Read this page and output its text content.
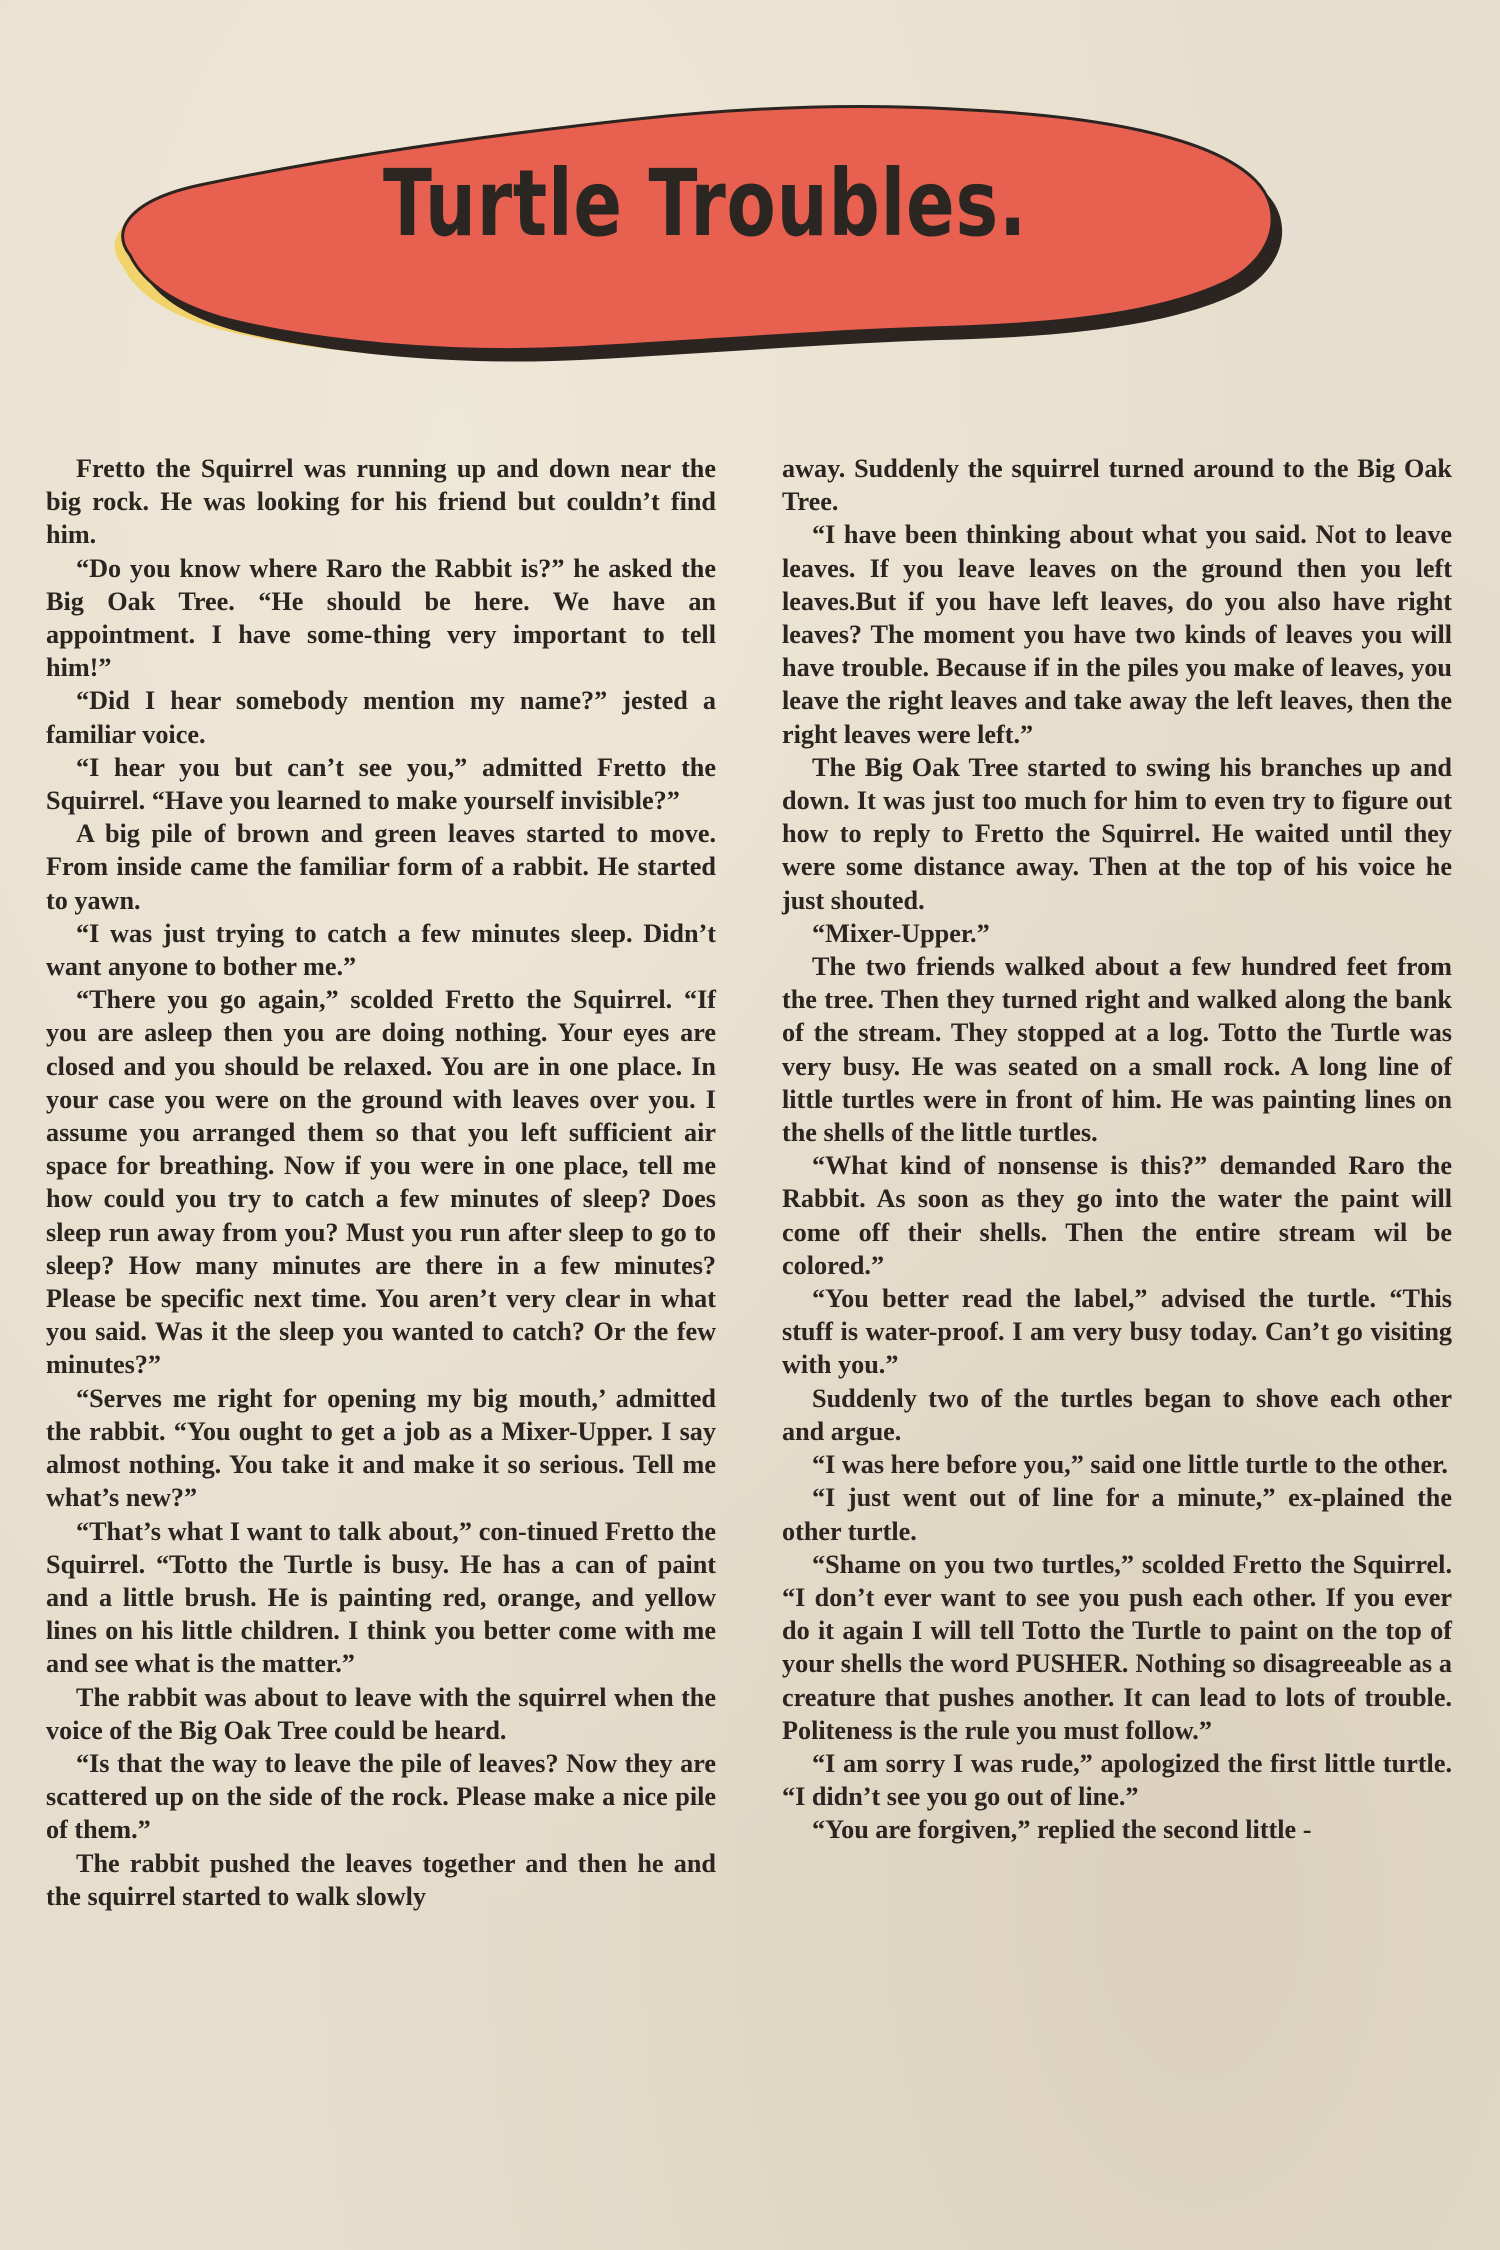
Turtle Troubles.

Fretto the Squirrel was running up and down near the big rock. He was looking for his friend but couldn’t find him.

“Do you know where Raro the Rabbit is?” he asked the Big Oak Tree. “He should be here. We have an appointment. I have some-thing very important to tell him!”

“Did I hear somebody mention my name?” jested a familiar voice.

“I hear you but can’t see you,” admitted Fretto the Squirrel. “Have you learned to make yourself invisible?”

A big pile of brown and green leaves started to move. From inside came the familiar form of a rabbit. He started to yawn.

“I was just trying to catch a few minutes sleep. Didn’t want anyone to bother me.”

“There you go again,” scolded Fretto the Squirrel. “If you are asleep then you are doing nothing. Your eyes are closed and you should be relaxed. You are in one place. In your case you were on the ground with leaves over you. I assume you arranged them so that you left sufficient air space for breathing. Now if you were in one place, tell me how could you try to catch a few minutes of sleep? Does sleep run away from you? Must you run after sleep to go to sleep? How many minutes are there in a few minutes? Please be specific next time. You aren’t very clear in what you said. Was it the sleep you wanted to catch? Or the few minutes?”

“Serves me right for opening my big mouth,’ admitted the rabbit. “You ought to get a job as a Mixer-Upper. I say almost nothing. You take it and make it so serious. Tell me what’s new?”

“That’s what I want to talk about,” con-tinued Fretto the Squirrel. “Totto the Turtle is busy. He has a can of paint and a little brush. He is painting red, orange, and yellow lines on his little children. I think you better come with me and see what is the matter.”

The rabbit was about to leave with the squirrel when the voice of the Big Oak Tree could be heard.

“Is that the way to leave the pile of leaves? Now they are scattered up on the side of the rock. Please make a nice pile of them.”

The rabbit pushed the leaves together and then he and the squirrel started to walk slowly

away. Suddenly the squirrel turned around to the Big Oak Tree.

“I have been thinking about what you said. Not to leave leaves. If you leave leaves on the ground then you left leaves.But if you have left leaves, do you also have right leaves? The moment you have two kinds of leaves you will have trouble. Because if in the piles you make of leaves, you leave the right leaves and take away the left leaves, then the right leaves were left.”

The Big Oak Tree started to swing his branches up and down. It was just too much for him to even try to figure out how to reply to Fretto the Squirrel. He waited until they were some distance away. Then at the top of his voice he just shouted.

“Mixer-Upper.”

The two friends walked about a few hundred feet from the tree. Then they turned right and walked along the bank of the stream. They stopped at a log. Totto the Turtle was very busy. He was seated on a small rock. A long line of little turtles were in front of him. He was painting lines on the shells of the little turtles.

“What kind of nonsense is this?” demanded Raro the Rabbit. As soon as they go into the water the paint will come off their shells. Then the entire stream wil be colored.”

“You better read the label,” advised the turtle. “This stuff is water-proof. I am very busy today. Can’t go visiting with you.”

Suddenly two of the turtles began to shove each other and argue.

“I was here before you,” said one little turtle to the other.

“I just went out of line for a minute,” ex-plained the other turtle.

“Shame on you two turtles,” scolded Fretto the Squirrel. “I don’t ever want to see you push each other. If you ever do it again I will tell Totto the Turtle to paint on the top of your shells the word PUSHER. Nothing so disagreeable as a creature that pushes another. It can lead to lots of trouble. Politeness is the rule you must follow.”

“I am sorry I was rude,” apologized the first little turtle. “I didn’t see you go out of line.”

“You are forgiven,” replied the second little -
